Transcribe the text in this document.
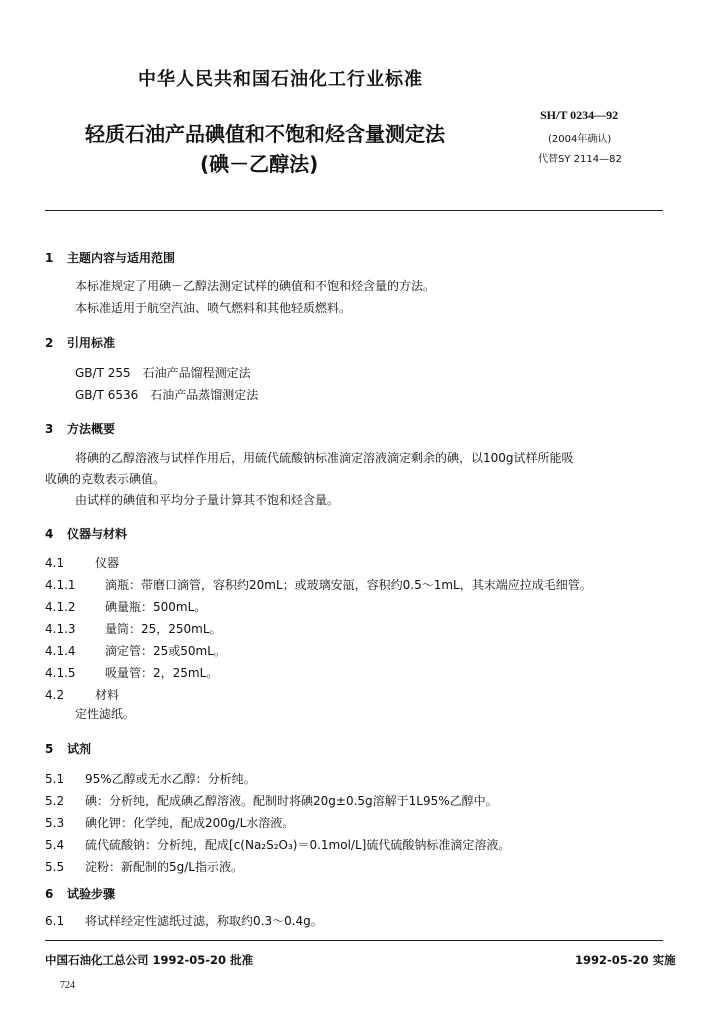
中华人民共和国石油化工行业标准
轻质石油产品碘值和不饱和烃含量测定法
(碘－乙醇法)
SH/T 0234—92
(2004年确认)
代替SY 2114—82
1 主题内容与适用范围
本标准规定了用碘－乙醇法测定试样的碘值和不饱和烃含量的方法。
本标准适用于航空汽油、喷气燃料和其他轻质燃料。
2 引用标准
GB/T 255　石油产品馏程测定法
GB/T 6536　石油产品蒸馏测定法
3 方法概要
将碘的乙醇溶液与试样作用后，用硫代硫酸钠标准滴定溶液滴定剩余的碘，以100g试样所能吸
收碘的克数表示碘值。
由试样的碘值和平均分子量计算其不饱和烃含量。
4 仪器与材料
4.1	仪器
4.1.1 滴瓶：带磨口滴管，容积约20mL；或玻璃安瓿，容积约0.5～1mL，其末端应拉成毛细管。
4.1.2 碘量瓶：500mL。
4.1.3 量筒：25，250mL。
4.1.4 滴定管：25或50mL。
4.1.5 吸量管：2，25mL。
4.2	材料
定性滤纸。
5 试剂
5.1 95%乙醇或无水乙醇：分析纯。
5.2 碘：分析纯，配成碘乙醇溶液。配制时将碘20g±0.5g溶解于1L95%乙醇中。
5.3 碘化钾：化学纯，配成200g/L水溶液。
5.4 硫代硫酸钠：分析纯，配成[c(Na₂S₂O₃)＝0.1mol/L]硫代硫酸钠标准滴定溶液。
5.5 淀粉：新配制的5g/L指示液。
6 试验步骤
6.1 将试样经定性滤纸过滤，称取约0.3～0.4g。
中国石油化工总公司 1992-05-20 批准	1992-05-20 实施
724
